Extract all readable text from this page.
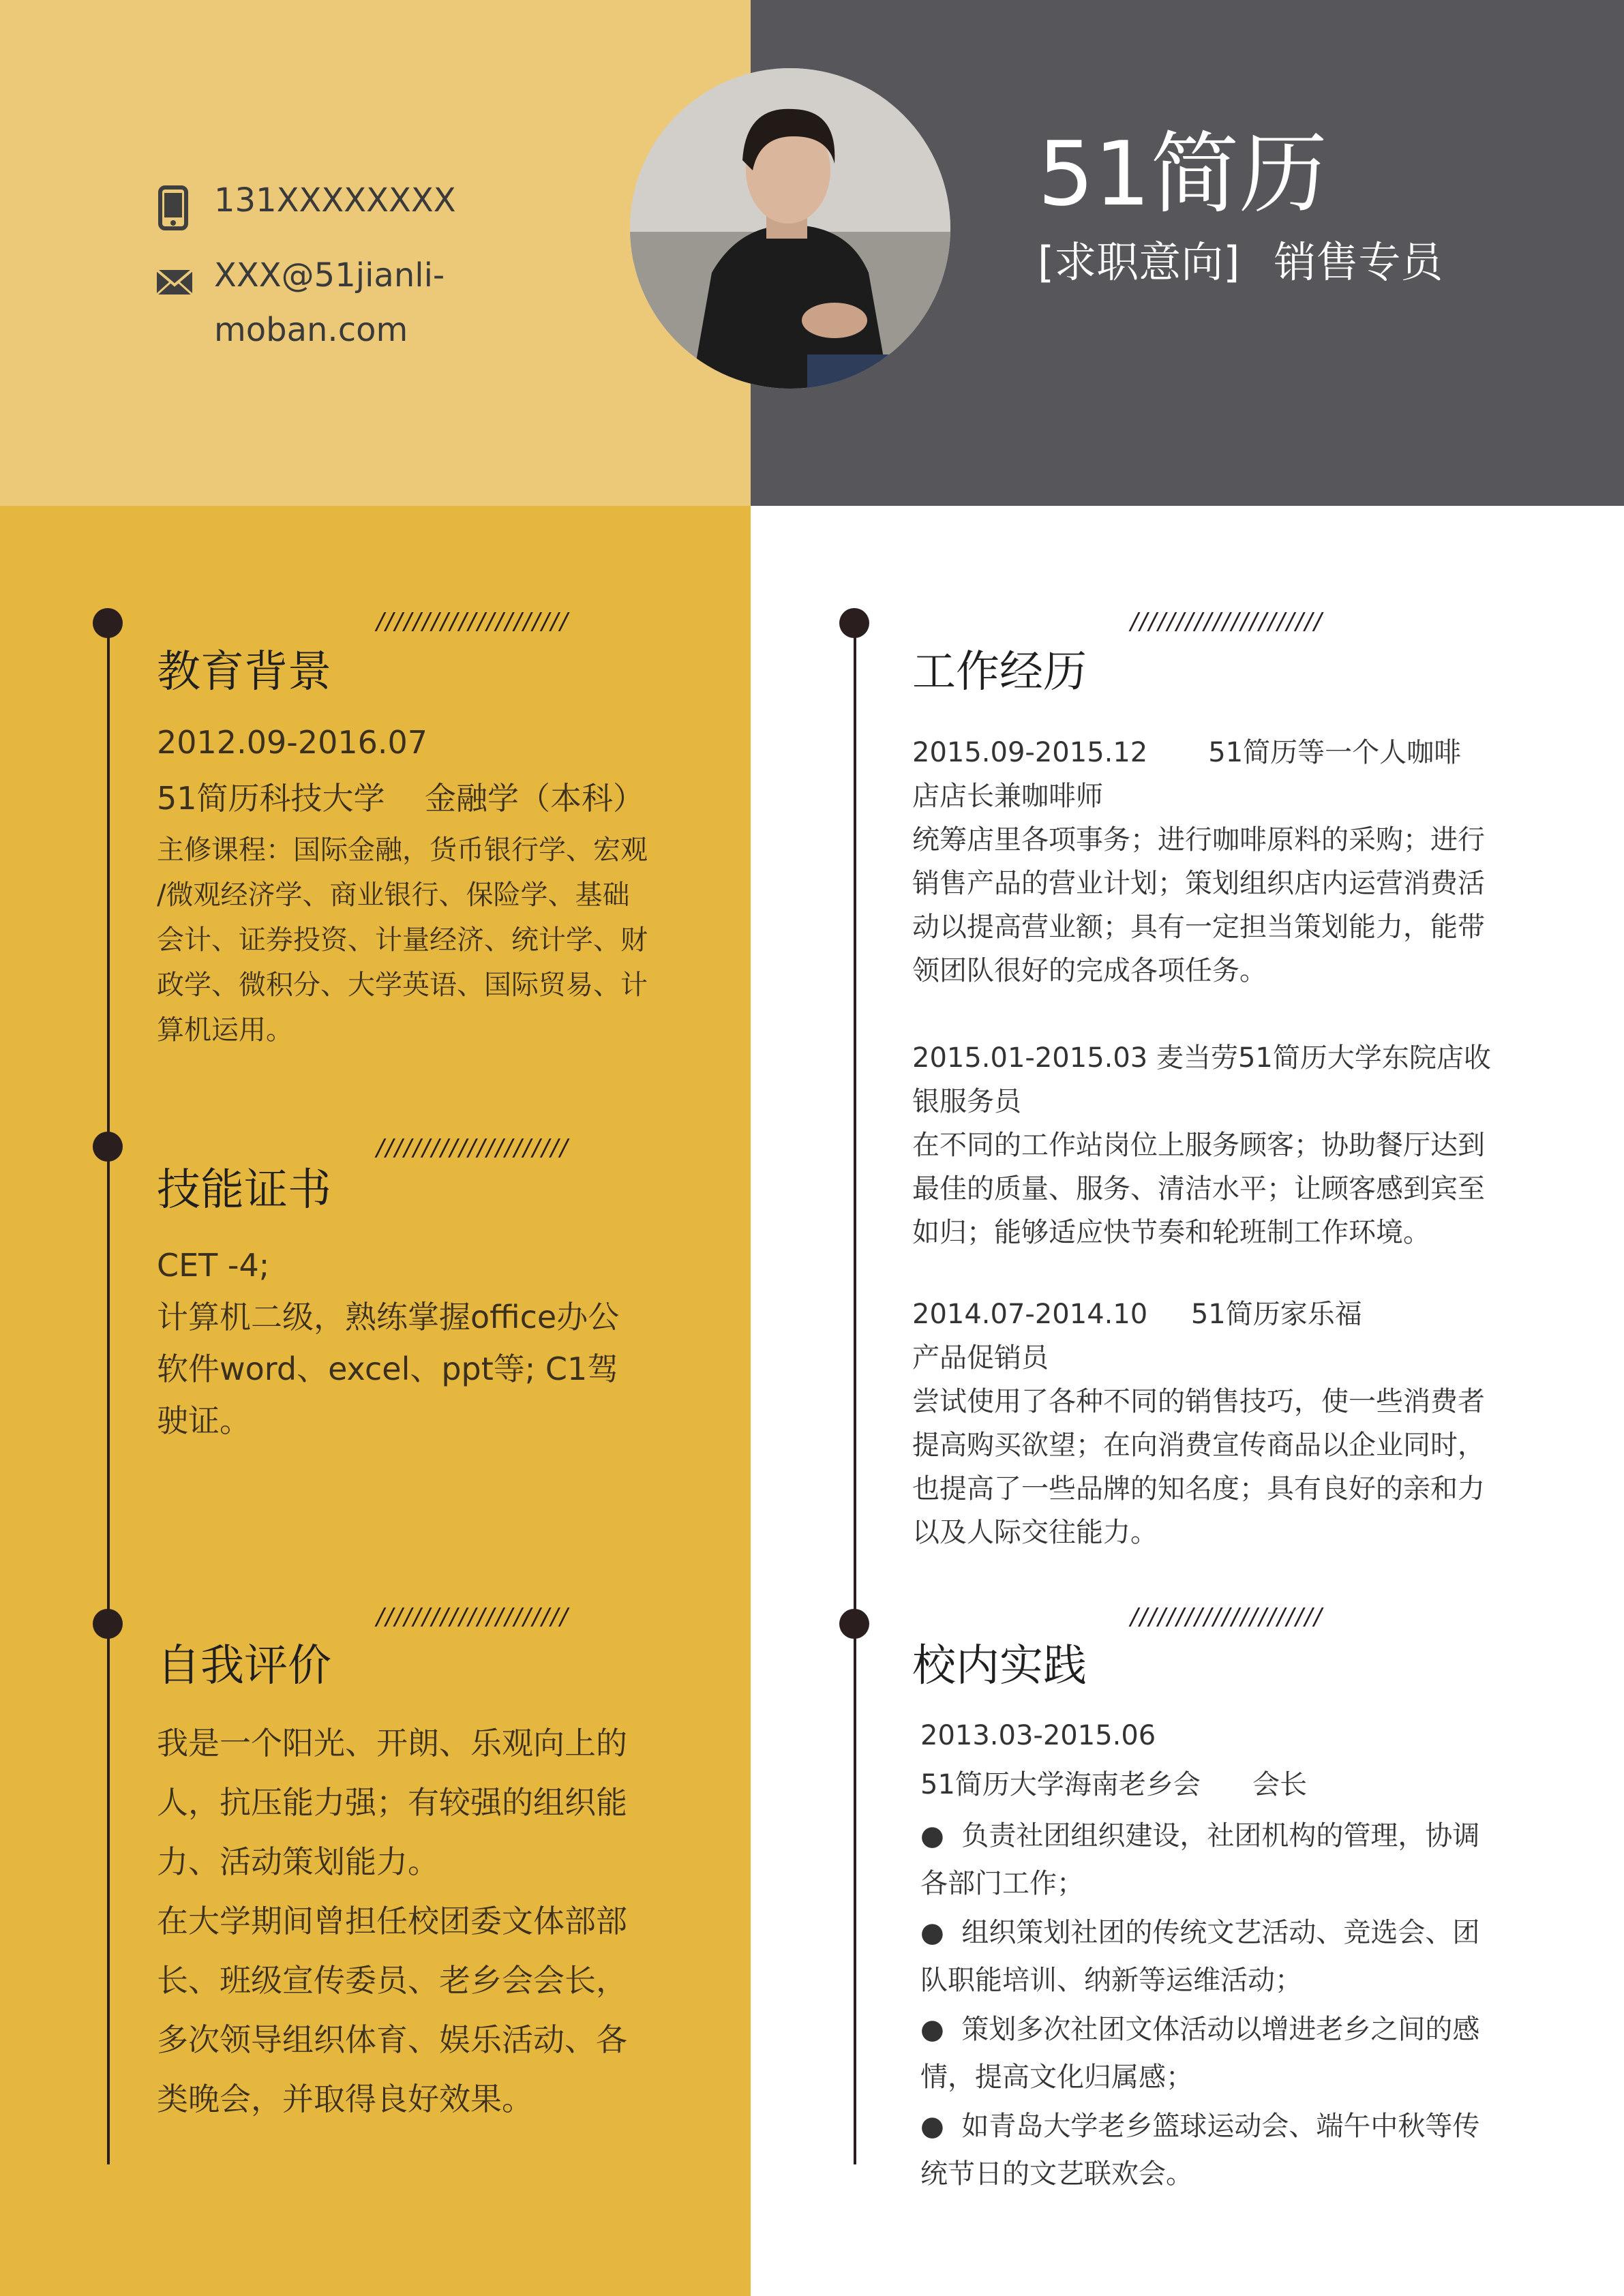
131XXXXXXXX
XXX@51jianli-
moban.com
51简历
[求职意向] 销售专员
/////////////////////
教育背景
2012.09-2016.07
51简历科技大学    金融学（本科）
主修课程：国际金融，货币银行学、宏观
/微观经济学、商业银行、保险学、基础
会计、证券投资、计量经济、统计学、财
政学、微积分、大学英语、国际贸易、计
算机运用。
/////////////////////
技能证书
CET -4;
计算机二级，熟练掌握office办公
软件word、excel、ppt等; C1驾
驶证。
/////////////////////
自我评价
我是一个阳光、开朗、乐观向上的
人，抗压能力强；有较强的组织能
力、活动策划能力。
在大学期间曾担任校团委文体部部
长、班级宣传委员、老乡会会长，
多次领导组织体育、娱乐活动、各
类晚会，并取得良好效果。
/////////////////////
工作经历
2015.09-2015.12       51简历等一个人咖啡
店店长兼咖啡师
统筹店里各项事务；进行咖啡原料的采购；进行
销售产品的营业计划；策划组织店内运营消费活
动以提高营业额；具有一定担当策划能力，能带
领团队很好的完成各项任务。
2015.01-2015.03 麦当劳51简历大学东院店收
银服务员
在不同的工作站岗位上服务顾客；协助餐厅达到
最佳的质量、服务、清洁水平；让顾客感到宾至
如归；能够适应快节奏和轮班制工作环境。
2014.07-2014.10     51简历家乐福
产品促销员
尝试使用了各种不同的销售技巧，使一些消费者
提高购买欲望；在向消费宣传商品以企业同时，
也提高了一些品牌的知名度；具有良好的亲和力
以及人际交往能力。
/////////////////////
校内实践
2013.03-2015.06
51简历大学海南老乡会      会长
●  负责社团组织建设，社团机构的管理，协调
各部门工作；
●  组织策划社团的传统文艺活动、竞选会、团
队职能培训、纳新等运维活动；
●  策划多次社团文体活动以增进老乡之间的感
情，提高文化归属感；
●  如青岛大学老乡篮球运动会、端午中秋等传
统节日的文艺联欢会。
